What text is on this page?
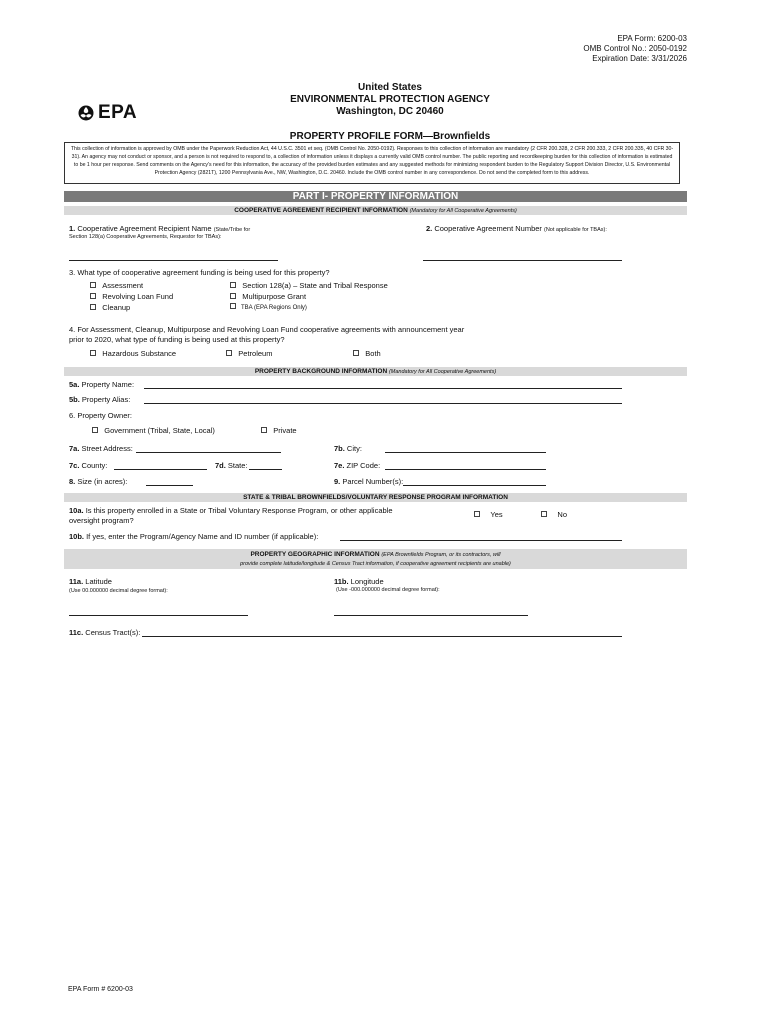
EPA Form: 6200-03
OMB Control No.: 2050-0192
Expiration Date: 3/31/2026
EPA
United States
ENVIRONMENTAL PROTECTION AGENCY
Washington, DC 20460
PROPERTY PROFILE FORM—Brownfields
This collection of information is approved by OMB under the Paperwork Reduction Act, 44 U.S.C. 3501 et seq. (OMB Control No. 2050-0192). Responses to this collection of information are mandatory (2 CFR 200.328, 2 CFR 200.333, 2 CFR 200.335, 40 CFR 30-31). An agency may not conduct or sponsor, and a person is not required to respond to, a collection of information unless it displays a currently valid OMB control number. The public reporting and recordkeeping burden for this collection of information is estimated to be 1 hour per response. Send comments on the Agency's need for this information, the accuracy of the provided burden estimates and any suggested methods for minimizing respondent burden to the Regulatory Support Division Director, U.S. Environmental Protection Agency (2821T), 1200 Pennsylvania Ave., NW, Washington, D.C. 20460. Include the OMB control number in any correspondence. Do not send the completed form to this address.
PART I- PROPERTY INFORMATION
COOPERATIVE AGREEMENT RECIPIENT INFORMATION (Mandatory for All Cooperative Agreements)
1. Cooperative Agreement Recipient Name (State/Tribe for
Section 128(a) Cooperative Agreements, Requestor for TBAs):
2. Cooperative Agreement Number (Not applicable for TBAs):
3. What type of cooperative agreement funding is being used for this property?
Assessment
Revolving Loan Fund
Cleanup
Section 128(a) – State and Tribal Response
Multipurpose Grant
TBA (EPA Regions Only)
4. For Assessment, Cleanup, Multipurpose and Revolving Loan Fund cooperative agreements with announcement year
prior to 2020, what type of funding is being used at this property?
Hazardous Substance	Petroleum	Both
PROPERTY BACKGROUND INFORMATION (Mandatory for All Cooperative Agreements)
5a. Property Name:
5b. Property Alias:
6. Property Owner:
Government (Tribal, State, Local)	Private
7a. Street Address:	7b. City:
7c. County:	7d. State:	7e. ZIP Code:
8. Size (in acres):	9. Parcel Number(s):
STATE & TRIBAL BROWNFIELDS/VOLUNTARY RESPONSE PROGRAM INFORMATION
10a. Is this property enrolled in a State or Tribal Voluntary Response Program, or other applicable
oversight program?
Yes	No
10b. If yes, enter the Program/Agency Name and ID number (if applicable):
PROPERTY GEOGRAPHIC INFORMATION (EPA Brownfields Program, or its contractors, will
provide complete latitude/longitude & Census Tract information, if cooperative agreement recipients are unable)
11a. Latitude
(Use 00.000000 decimal degree format):
11b. Longitude
(Use -000.000000 decimal degree format):
11c. Census Tract(s):
EPA Form # 6200-03
